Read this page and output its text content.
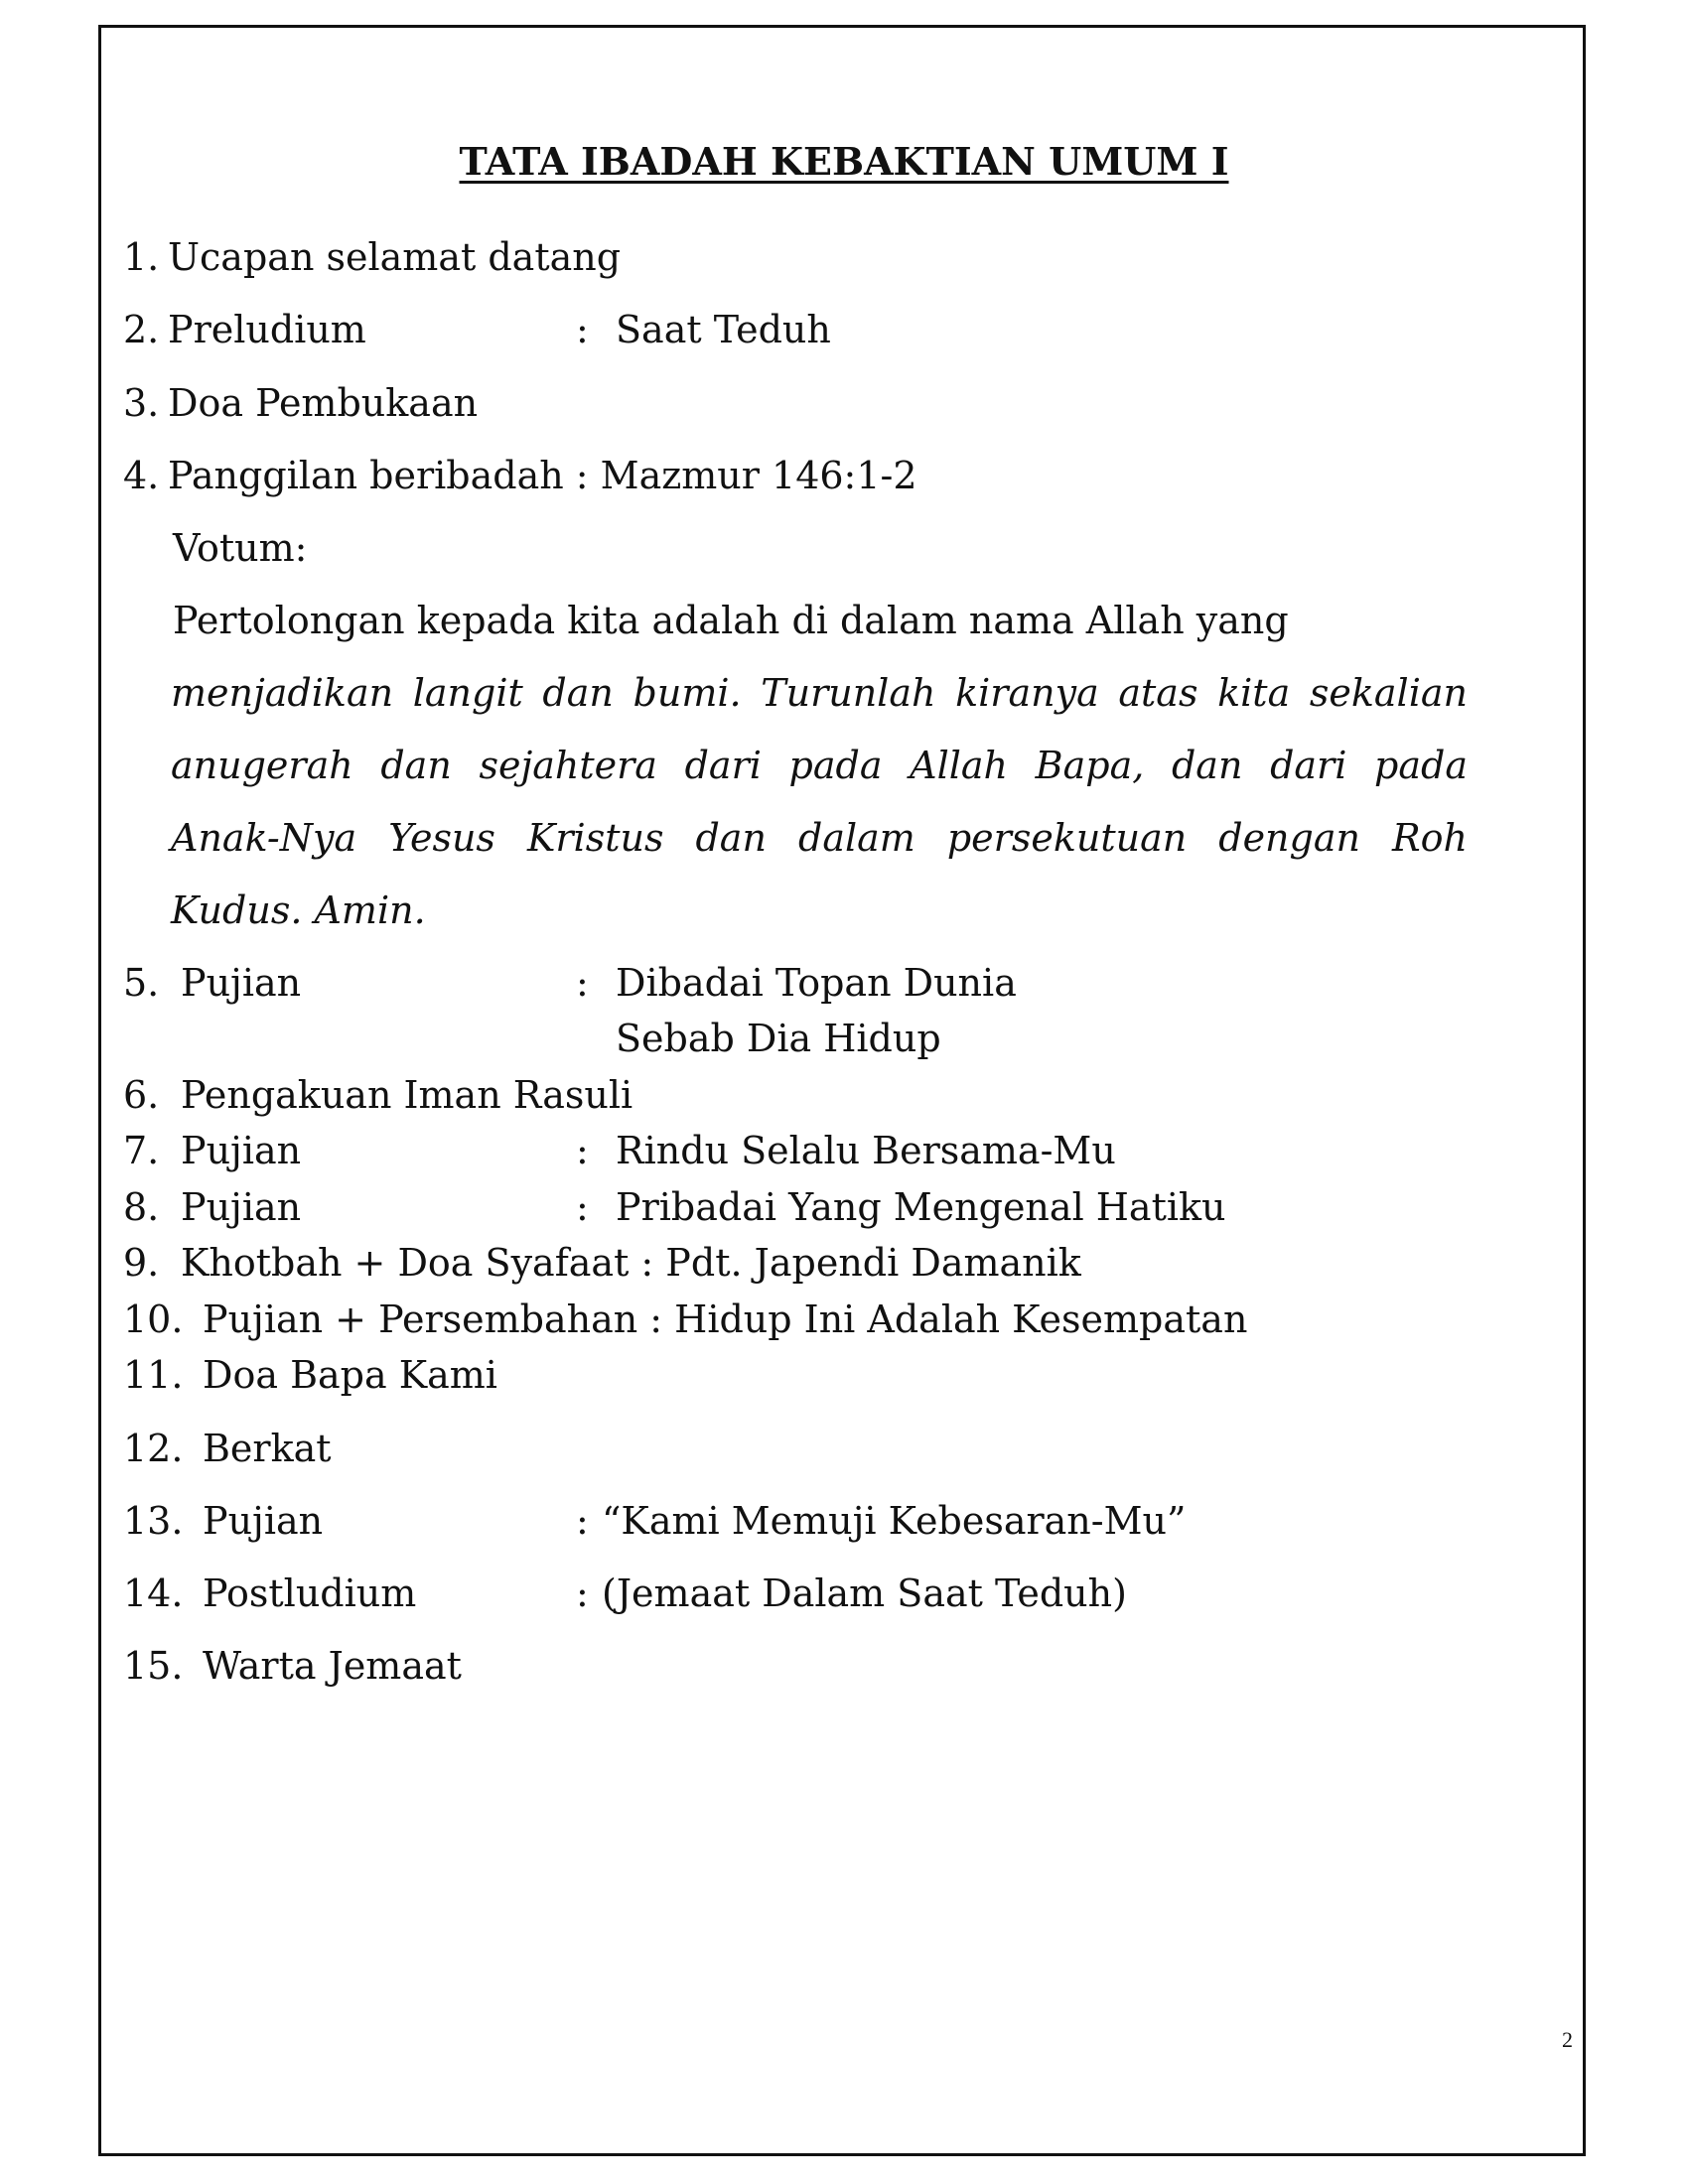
TATA IBADAH KEBAKTIAN UMUM I
1. Ucapan selamat datang
2. Preludium	: Saat Teduh
3. Doa Pembukaan
4. Panggilan beribadah : Mazmur 146:1-2
Votum:
Pertolongan kepada kita adalah di dalam nama Allah yang
menjadikan langit dan bumi. Turunlah kiranya atas kita sekalian
anugerah dan sejahtera dari pada Allah Bapa, dan dari pada
Anak-Nya Yesus Kristus dan dalam persekutuan dengan Roh
Kudus. Amin.
5. Pujian	: Dibadai Topan Dunia
Sebab Dia Hidup
6. Pengakuan Iman Rasuli
7. Pujian	: Rindu Selalu Bersama-Mu
8. Pujian	: Pribadai Yang Mengenal Hatiku
9. Khotbah + Doa Syafaat : Pdt. Japendi Damanik
10. Pujian + Persembahan : Hidup Ini Adalah Kesempatan
11. Doa Bapa Kami
12. Berkat
13. Pujian	: “Kami Memuji Kebesaran-Mu”
14. Postludium	: (Jemaat Dalam Saat Teduh)
15. Warta Jemaat
2
